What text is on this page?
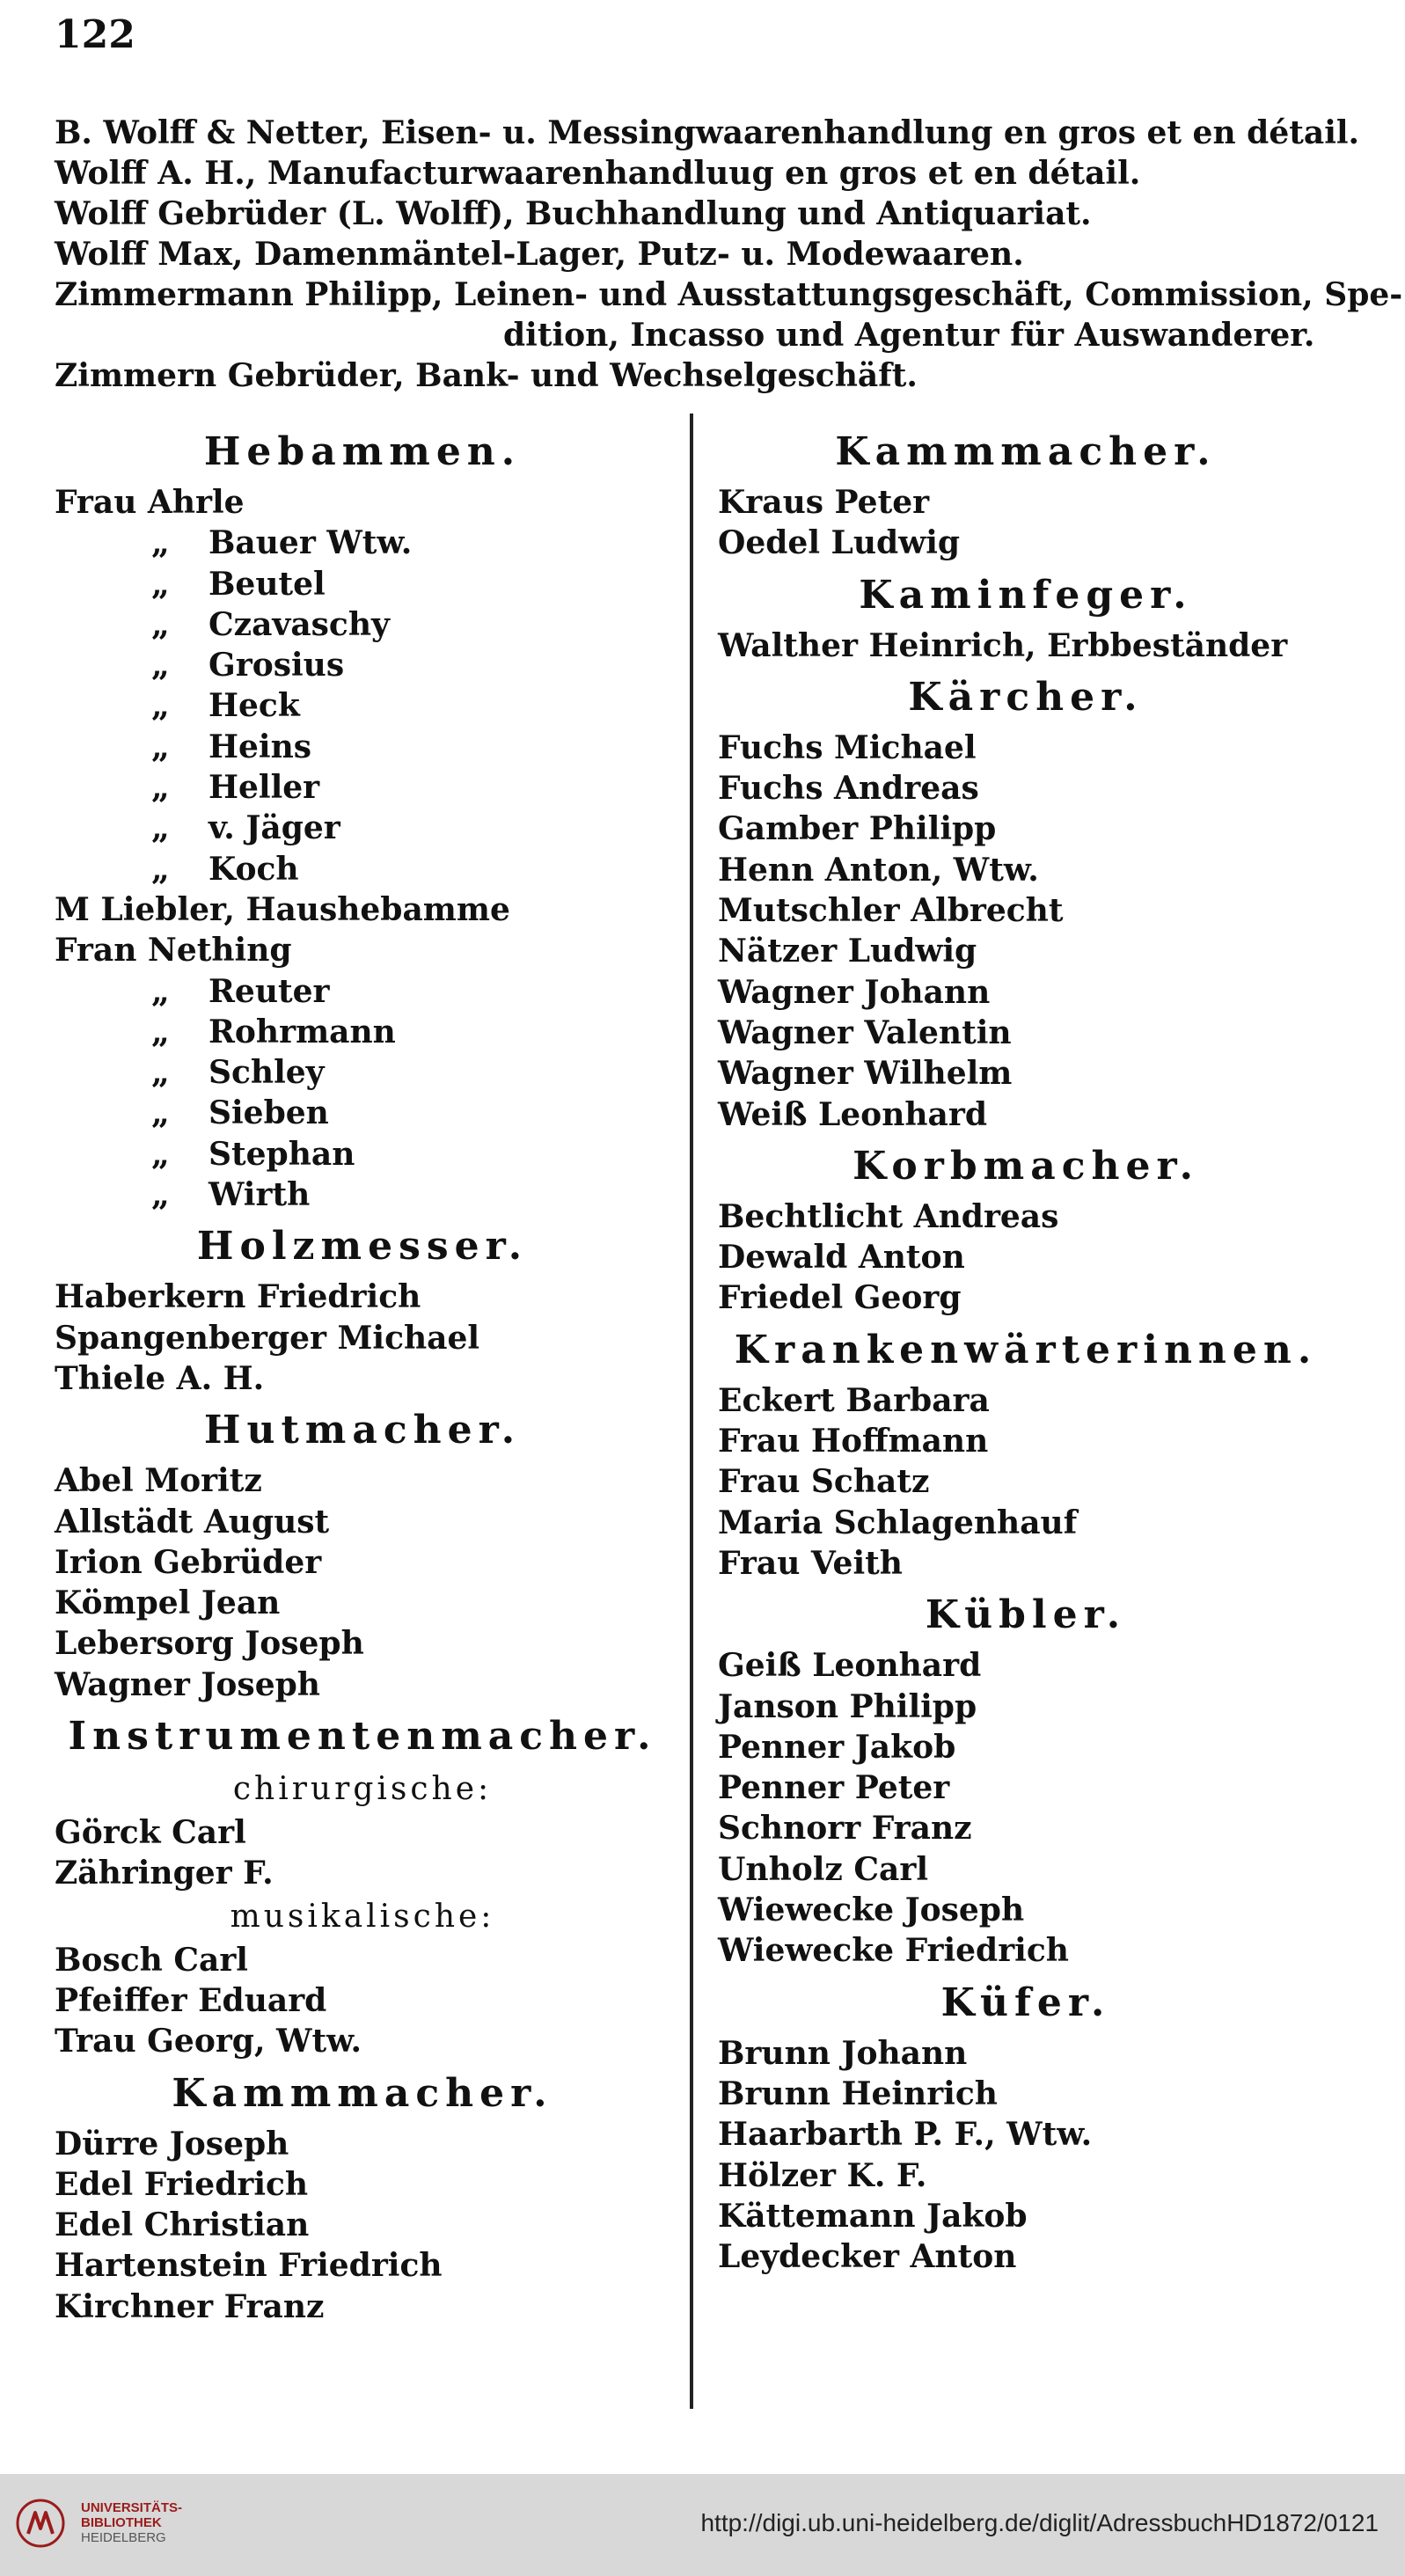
122
B. Wolff & Netter, Eisen- u. Messingwaarenhandlung en gros et en détail.
Wolff A. H., Manufacturwaarenhandluug en gros et en détail.
Wolff Gebrüder (L. Wolff), Buchhandlung und Antiquariat.
Wolff Max, Damenmäntel-Lager, Putz- u. Modewaaren.
Zimmermann Philipp, Leinen- und Ausstattungsgeschäft, Commission, Spe-
dition, Incasso und Agentur für Auswanderer.
Zimmern Gebrüder, Bank- und Wechselgeschäft.
Hebammen.
Frau Ahrle
„ Bauer Wtw.
„ Beutel
„ Czavaschy
„ Grosius
„ Heck
„ Heins
„ Heller
„ v. Jäger
„ Koch
M Liebler, Haushebamme
Fran Nething
„ Reuter
„ Rohrmann
„ Schley
„ Sieben
„ Stephan
„ Wirth
Holzmesser.
Haberkern Friedrich
Spangenberger Michael
Thiele A. H.
Hutmacher.
Abel Moritz
Allstädt August
Irion Gebrüder
Kömpel Jean
Lebersorg Joseph
Wagner Joseph
Instrumentenmacher.
chirurgische:
Görck Carl
Zähringer F.
musikalische:
Bosch Carl
Pfeiffer Eduard
Trau Georg, Wtw.
Kammmacher.
Dürre Joseph
Edel Friedrich
Edel Christian
Hartenstein Friedrich
Kirchner Franz
Kammmacher.
Kraus Peter
Oedel Ludwig
Kaminfeger.
Walther Heinrich, Erbbeständer
Kärcher.
Fuchs Michael
Fuchs Andreas
Gamber Philipp
Henn Anton, Wtw.
Mutschler Albrecht
Nätzer Ludwig
Wagner Johann
Wagner Valentin
Wagner Wilhelm
Weiß Leonhard
Korbmacher.
Bechtlicht Andreas
Dewald Anton
Friedel Georg
Krankenwärterinnen.
Eckert Barbara
Frau Hoffmann
Frau Schatz
Maria Schlagenhauf
Frau Veith
Kübler.
Geiß Leonhard
Janson Philipp
Penner Jakob
Penner Peter
Schnorr Franz
Unholz Carl
Wiewecke Joseph
Wiewecke Friedrich
Küfer.
Brunn Johann
Brunn Heinrich
Haarbarth P. F., Wtw.
Hölzer K. F.
Kättemann Jakob
Leydecker Anton
UNIVERSITÄTS-
BIBLIOTHEK
HEIDELBERG
http://digi.ub.uni-heidelberg.de/diglit/AdressbuchHD1872/0121
